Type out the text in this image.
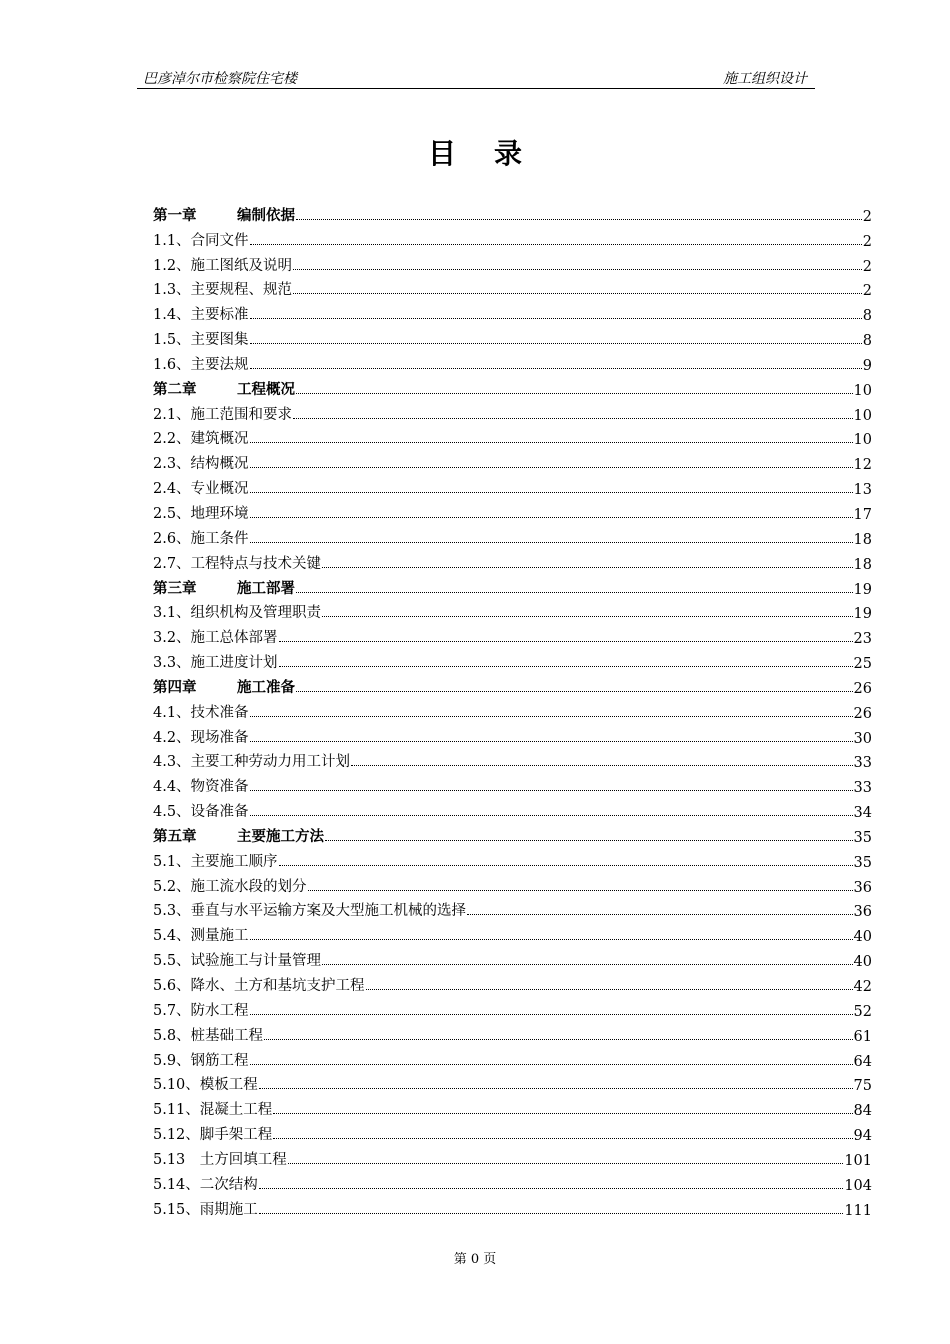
巴彦淖尔市检察院住宅楼	施工组织设计
目录
第一章	编制依据	2
1.1、合同文件	2
1.2、施工图纸及说明	2
1.3、主要规程、规范	2
1.4、主要标准	8
1.5、主要图集	8
1.6、主要法规	9
第二章	工程概况	10
2.1、施工范围和要求	10
2.2、建筑概况	10
2.3、结构概况	12
2.4、专业概况	13
2.5、地理环境	17
2.6、施工条件	18
2.7、工程特点与技术关键	18
第三章	施工部署	19
3.1、组织机构及管理职责	19
3.2、施工总体部署	23
3.3、施工进度计划	25
第四章	施工准备	26
4.1、技术准备	26
4.2、现场准备	30
4.3、主要工种劳动力用工计划	33
4.4、物资准备	33
4.5、设备准备	34
第五章	主要施工方法	35
5.1、主要施工顺序	35
5.2、施工流水段的划分	36
5.3、垂直与水平运输方案及大型施工机械的选择	36
5.4、测量施工	40
5.5、试验施工与计量管理	40
5.6、降水、土方和基坑支护工程	42
5.7、防水工程	52
5.8、桩基础工程	61
5.9、钢筋工程	64
5.10、模板工程	75
5.11、混凝土工程	84
5.12、脚手架工程	94
5.13　土方回填工程	101
5.14、二次结构	104
5.15、雨期施工	111
第 0 页
